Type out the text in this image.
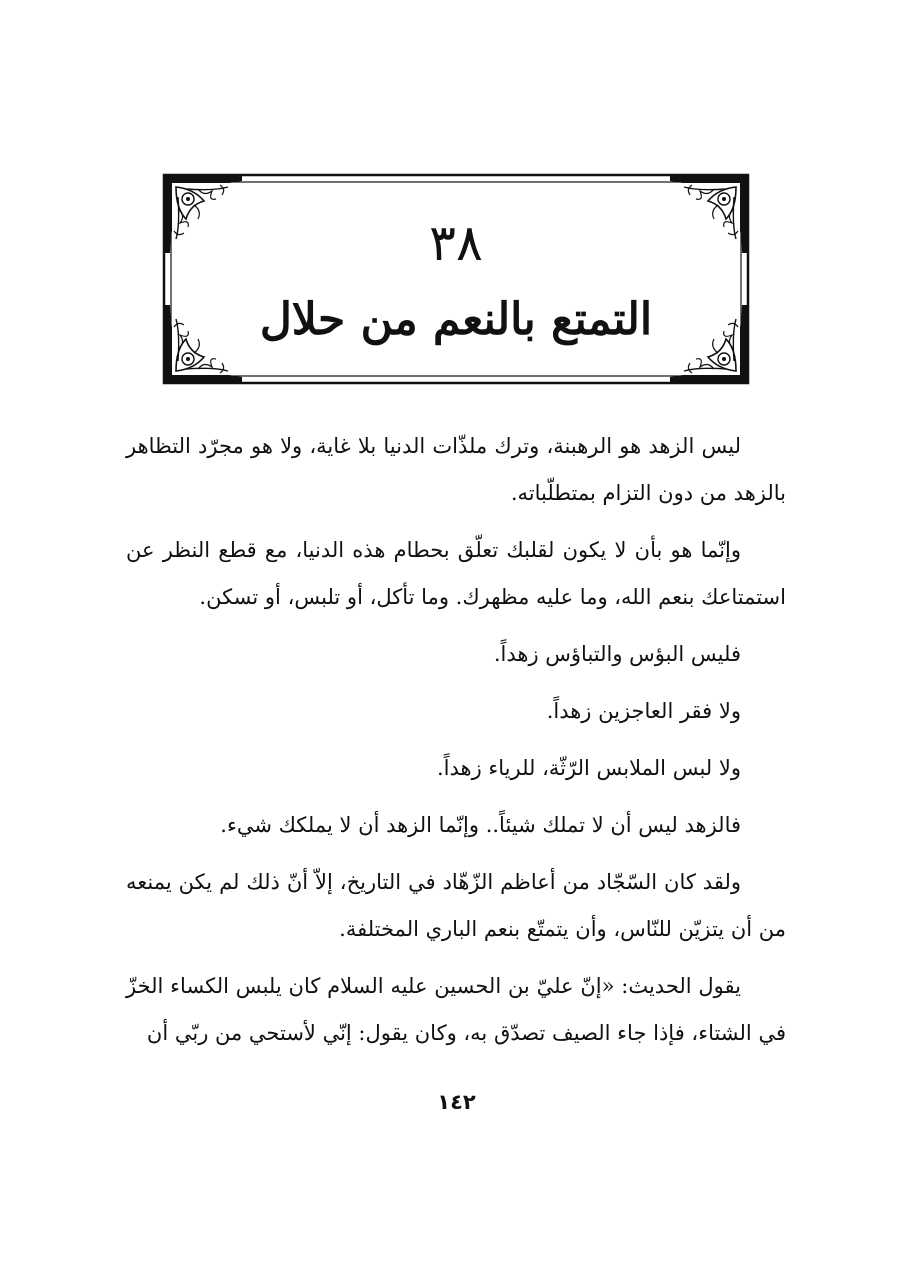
٣٨
التمتع بالنعم من حلال

ليس الزهد هو الرهبنة، وترك ملذّات الدنيا بلا غاية، ولا هو مجرّد التظاهر بالزهد من دون التزام بمتطلّباته.

وإنّما هو بأن لا يكون لقلبك تعلّق بحطام هذه الدنيا، مع قطع النظر عن استمتاعك بنعم الله، وما عليه مظهرك. وما تأكل، أو تلبس، أو تسكن.

فليس البؤس والتباؤس زهداً.

ولا فقر العاجزين زهداً.

ولا لبس الملابس الرّثّة، للرياء زهداً.

فالزهد ليس أن لا تملك شيئاً.. وإنّما الزهد أن لا يملكك شيء.

ولقد كان السّجّاد من أعاظم الزّهّاد في التاريخ، إلاّ أنّ ذلك لم يكن يمنعه من أن يتزيّن للنّاس، وأن يتمتّع بنعم الباري المختلفة.

يقول الحديث: «إنّ عليّ بن الحسين عليه السلام كان يلبس الكساء الخزّ في الشتاء، فإذا جاء الصيف تصدّق به، وكان يقول: إنّي لأستحي من ربّي أن

١٤٢
